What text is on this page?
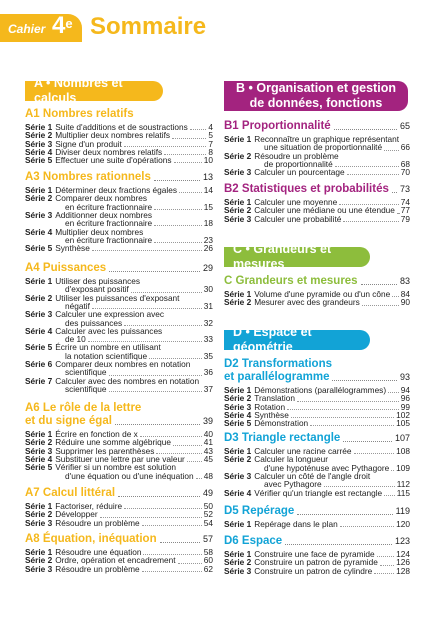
Cahier 4e Sommaire
A • Nombres et calculs
A1 Nombres relatifs
Série 1 Suite d'additions et de soustractions 4
Série 2 Multiplier deux nombres relatifs	5
Série 3 Signe d'un produit	7
Série 4 Diviser deux nombres relatifs	8
Série 5 Effectuer une suite d'opérations	10
A3 Nombres rationnels	13
Série 1 Déterminer deux fractions égales	14
Série 2 Comparer deux nombres
en écriture fractionnaire	15
Série 3 Additionner deux nombres
en écriture fractionnaire	18
Série 4 Multiplier deux nombres
en écriture fractionnaire	23
Série 5 Synthèse	26
A4 Puissances	29
Série 1 Utiliser des puissances
d'exposant positif	30
Série 2 Utiliser les puissances d'exposant
négatif	31
Série 3 Calculer une expression avec
des puissances	32
Série 4 Calculer avec les puissances
de 10	33
Série 5 Écrire un nombre en utilisant
la notation scientifique	35
Série 6 Comparer deux nombres en notation
scientifique	36
Série 7 Calculer avec des nombres en notation
scientifique	37
A6 Le rôle de la lettre
et du signe égal	39
Série 1 Écrire en fonction de x	40
Série 2 Réduire une somme algébrique	41
Série 3 Supprimer les parenthèses	43
Série 4 Substituer une lettre par une valeur 45
Série 5 Vérifier si un nombre est solution
d'une équation ou d'une inéquation 48
A7 Calcul littéral	49
Série 1 Factoriser, réduire	50
Série 2 Développer	52
Série 3 Résoudre un problème	54
A8 Équation, inéquation	57
Série 1 Résoudre une équation	58
Série 2 Ordre, opération et encadrement	60
Série 3 Résoudre un problème	62
B • Organisation et gestion
de données, fonctions
B1 Proportionnalité	65
Série 1 Reconnaître un graphique représentant
une situation de proportionnalité 66
Série 2 Résoudre un problème
de proportionnalité	68
Série 3 Calculer un pourcentage	70
B2 Statistiques et probabilités 73
Série 1 Calculer une moyenne	74
Série 2 Calculer une médiane ou une étendue 77
Série 3 Calculer une probabilité	79
C • Grandeurs et mesures
C Grandeurs et mesures	83
Série 1 Volume d'une pyramide ou d'un cône 84
Série 2 Mesurer avec des grandeurs	90
D • Espace et géométrie
D2 Transformations
et parallélogramme	93
Série 1 Démonstrations (parallélogrammes) 94
Série 2 Translation	96
Série 3 Rotation	99
Série 4 Synthèse	102
Série 5 Démonstration	105
D3 Triangle rectangle	107
Série 1 Calculer une racine carrée	108
Série 2 Calculer la longueur
d'une hypoténuse avec Pythagore 109
Série 3 Calculer un côté de l'angle droit
avec Pythagore	112
Série 4 Vérifier qu'un triangle est rectangle 115
D5 Repérage	119
Série 1 Repérage dans le plan	120
D6 Espace	123
Série 1 Construire une face de pyramide	124
Série 2 Construire un patron de pyramide 126
Série 3 Construire un patron de cylindre	128
